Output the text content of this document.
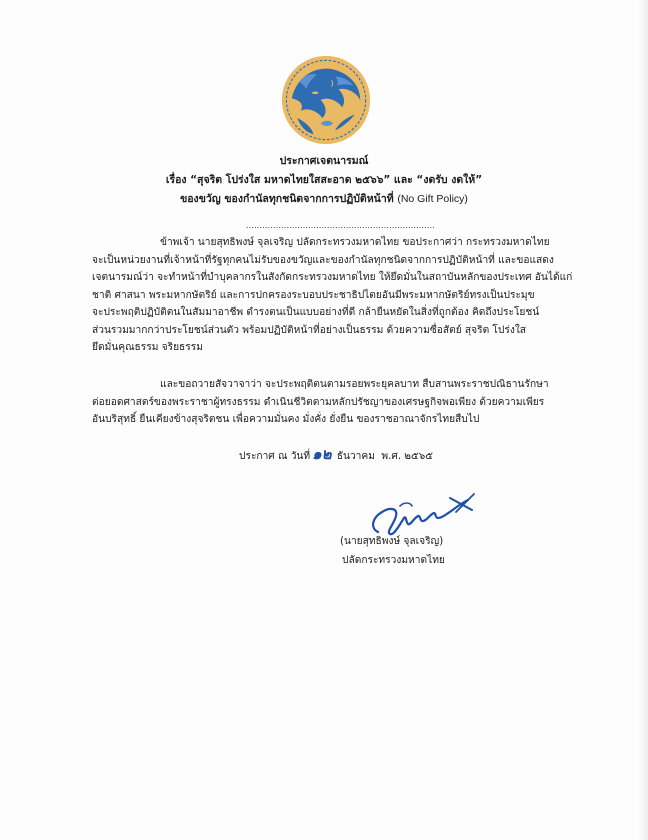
ประกาศเจตนารมณ์
เรื่อง “สุจริต โปร่งใส มหาดไทยใสสะอาด ๒๕๖๖” และ “งดรับ งดให้”
ของขวัญ ของกำนัลทุกชนิดจากการปฏิบัติหน้าที่ (No Gift Policy)
......................................................................
ข้าพเจ้า นายสุทธิพงษ์ จุลเจริญ ปลัดกระทรวงมหาดไทย ขอประกาศว่า กระทรวงมหาดไทย
จะเป็นหน่วยงานที่เจ้าหน้าที่รัฐทุกคนไม่รับของขวัญและของกำนัลทุกชนิดจากการปฏิบัติหน้าที่ และขอแสดง
เจตนารมณ์ว่า จะทำหน้าที่บำบุคลากรในสังกัดกระทรวงมหาดไทย ให้ยึดมั่นในสถาบันหลักของประเทศ อันได้แก่
ชาติ ศาสนา พระมหากษัตริย์ และการปกครองระบอบประชาธิปไตยอันมีพระมหากษัตริย์ทรงเป็นประมุข
จะประพฤติปฏิบัติตนในสัมมาอาชีพ ดำรงตนเป็นแบบอย่างที่ดี กล้ายืนหยัดในสิ่งที่ถูกต้อง คิดถึงประโยชน์
ส่วนรวมมากกว่าประโยชน์ส่วนตัว พร้อมปฏิบัติหน้าที่อย่างเป็นธรรม ด้วยความซื่อสัตย์ สุจริต โปร่งใส
ยึดมั่นคุณธรรม จริยธรรม
และขอถวายสัจวาจาว่า จะประพฤติตนตามรอยพระยุคลบาท สืบสานพระราชปณิธานรักษา
ต่อยอดศาสตร์ของพระราชาผู้ทรงธรรม ดำเนินชีวิตตามหลักปรัชญาของเศรษฐกิจพอเพียง ด้วยความเพียร
อันบริสุทธิ์ ยืนเคียงข้างสุจริตชน เพื่อความมั่นคง มั่งคั่ง ยั่งยืน ของราชอาณาจักรไทยสืบไป
ประกาศ ณ วันที่ ๑๒ ธันวาคม พ.ศ. ๒๕๖๕
(นายสุทธิพงษ์ จุลเจริญ)
ปลัดกระทรวงมหาดไทย
